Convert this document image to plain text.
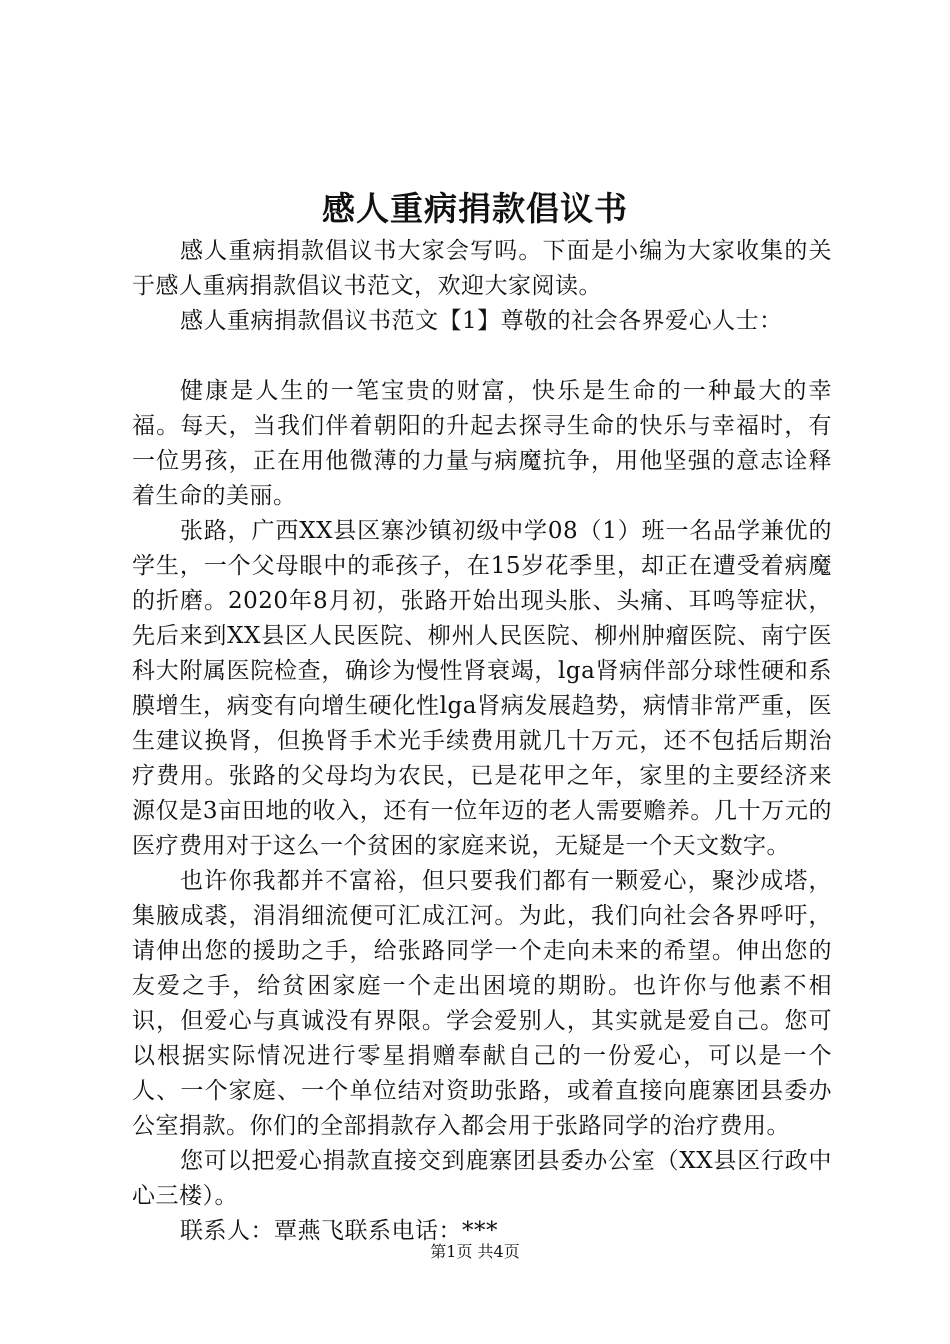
感人重病捐款倡议书

感人重病捐款倡议书大家会写吗。下面是小编为大家收集的关于感人重病捐款倡议书范文，欢迎大家阅读。

感人重病捐款倡议书范文【1】尊敬的社会各界爱心人士：

健康是人生的一笔宝贵的财富，快乐是生命的一种最大的幸福。每天，当我们伴着朝阳的升起去探寻生命的快乐与幸福时，有一位男孩，正在用他微薄的力量与病魔抗争，用他坚强的意志诠释着生命的美丽。

张路，广西XX县区寨沙镇初级中学08（1）班一名品学兼优的学生，一个父母眼中的乖孩子，在15岁花季里，却正在遭受着病魔的折磨。2020年8月初，张路开始出现头胀、头痛、耳鸣等症状，先后来到XX县区人民医院、柳州人民医院、柳州肿瘤医院、南宁医科大附属医院检查，确诊为慢性肾衰竭，lga肾病伴部分球性硬和系膜增生，病变有向增生硬化性lga肾病发展趋势，病情非常严重，医生建议换肾，但换肾手术光手续费用就几十万元，还不包括后期治疗费用。张路的父母均为农民，已是花甲之年，家里的主要经济来源仅是3亩田地的收入，还有一位年迈的老人需要赡养。几十万元的医疗费用对于这么一个贫困的家庭来说，无疑是一个天文数字。

也许你我都并不富裕，但只要我们都有一颗爱心，聚沙成塔，集腋成裘，涓涓细流便可汇成江河。为此，我们向社会各界呼吁，请伸出您的援助之手，给张路同学一个走向未来的希望。伸出您的友爱之手，给贫困家庭一个走出困境的期盼。也许你与他素不相识，但爱心与真诚没有界限。学会爱别人，其实就是爱自己。您可以根据实际情况进行零星捐赠奉献自己的一份爱心，可以是一个人、一个家庭、一个单位结对资助张路，或着直接向鹿寨团县委办公室捐款。你们的全部捐款存入都会用于张路同学的治疗费用。

您可以把爱心捐款直接交到鹿寨团县委办公室（XX县区行政中心三楼）。

联系人：覃燕飞联系电话：***

第1页 共4页
